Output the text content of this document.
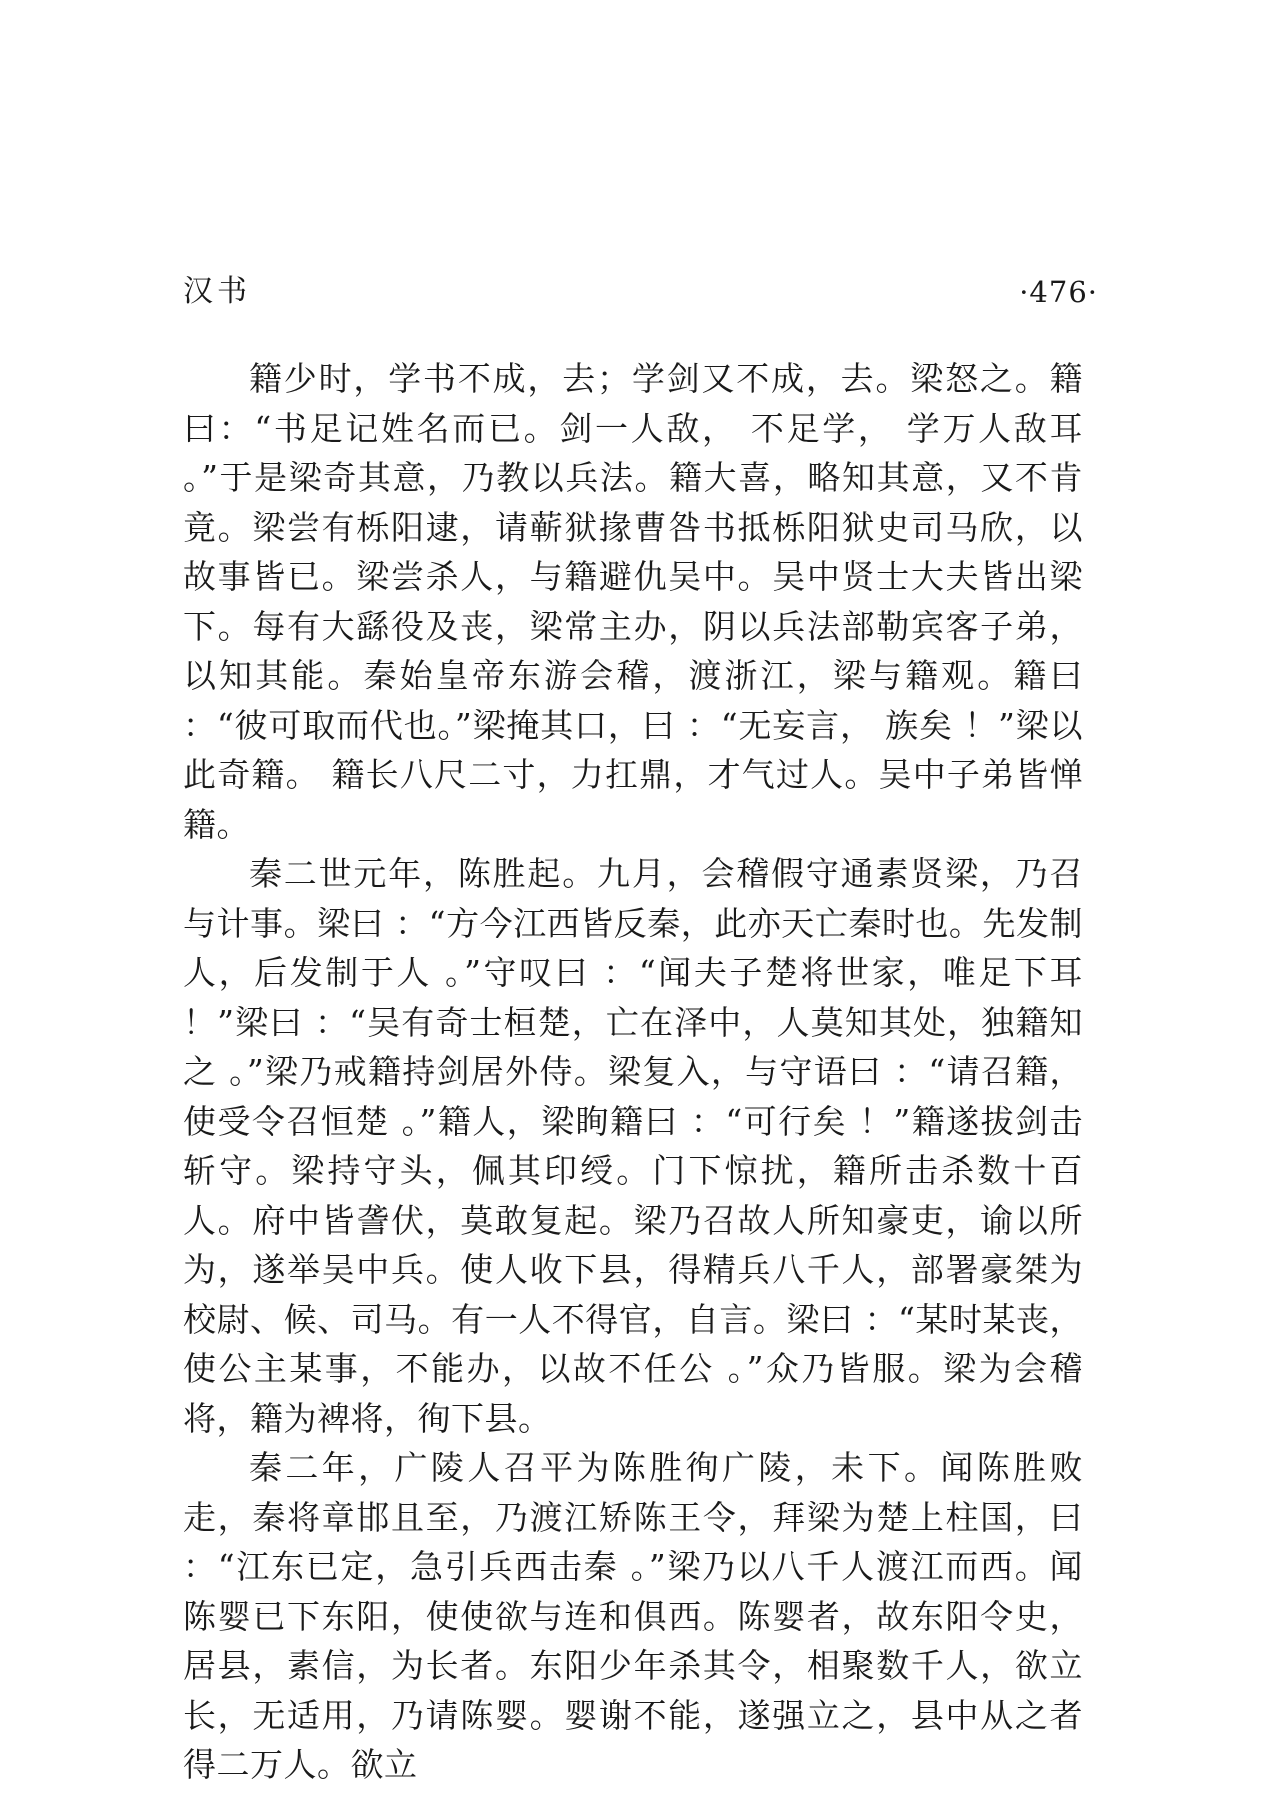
汉书	·476·

籍少时，学书不成，去；学剑又不成，去。梁怒之。籍曰：“书足记姓名而已。剑一人敌， 不足学， 学万人敌耳 。”于是梁奇其意，乃教以兵法。籍大喜，略知其意，又不肯竟。梁尝有栎阳逮，请蕲狱掾曹咎书抵栎阳狱史司马欣，以故事皆已。梁尝杀人，与籍避仇吴中。吴中贤士大夫皆出梁下。每有大繇役及丧，梁常主办，阴以兵法部勒宾客子弟，以知其能。秦始皇帝东游会稽，渡浙江，梁与籍观。籍曰 ：“彼可取而代也。”梁掩其口，曰 ：“无妄言， 族矣 ！”梁以此奇籍。 籍长八尺二寸，力扛鼎，才气过人。吴中子弟皆惮籍。

秦二世元年，陈胜起。九月，会稽假守通素贤梁，乃召与计事。梁曰 ：“方今江西皆反秦，此亦天亡秦时也。先发制人，后发制于人 。”守叹曰 ：“闻夫子楚将世家，唯足下耳 ！”梁曰 ：“吴有奇士桓楚，亡在泽中，人莫知其处，独籍知之 。”梁乃戒籍持剑居外侍。梁复入，与守语曰 ：“请召籍，使受令召恒楚 。”籍人，梁眴籍曰 ：“可行矣 ！”籍遂拔剑击斩守。梁持守头，佩其印绶。门下惊扰，籍所击杀数十百人。府中皆詟伏，莫敢复起。梁乃召故人所知豪吏，谕以所为，遂举吴中兵。使人收下县，得精兵八千人，部署豪桀为校尉、候、司马。有一人不得官，自言。梁曰 ：“某时某丧，使公主某事，不能办，以故不任公 。”众乃皆服。梁为会稽将，籍为裨将，徇下县。

秦二年，广陵人召平为陈胜徇广陵，未下。闻陈胜败走，秦将章邯且至，乃渡江矫陈王令，拜梁为楚上柱国，曰 ：“江东已定，急引兵西击秦 。”梁乃以八千人渡江而西。闻陈婴已下东阳，使使欲与连和俱西。陈婴者，故东阳令史，居县，素信，为长者。东阳少年杀其令，相聚数千人，欲立长，无适用，乃请陈婴。婴谢不能，遂强立之，县中从之者得二万人。欲立
